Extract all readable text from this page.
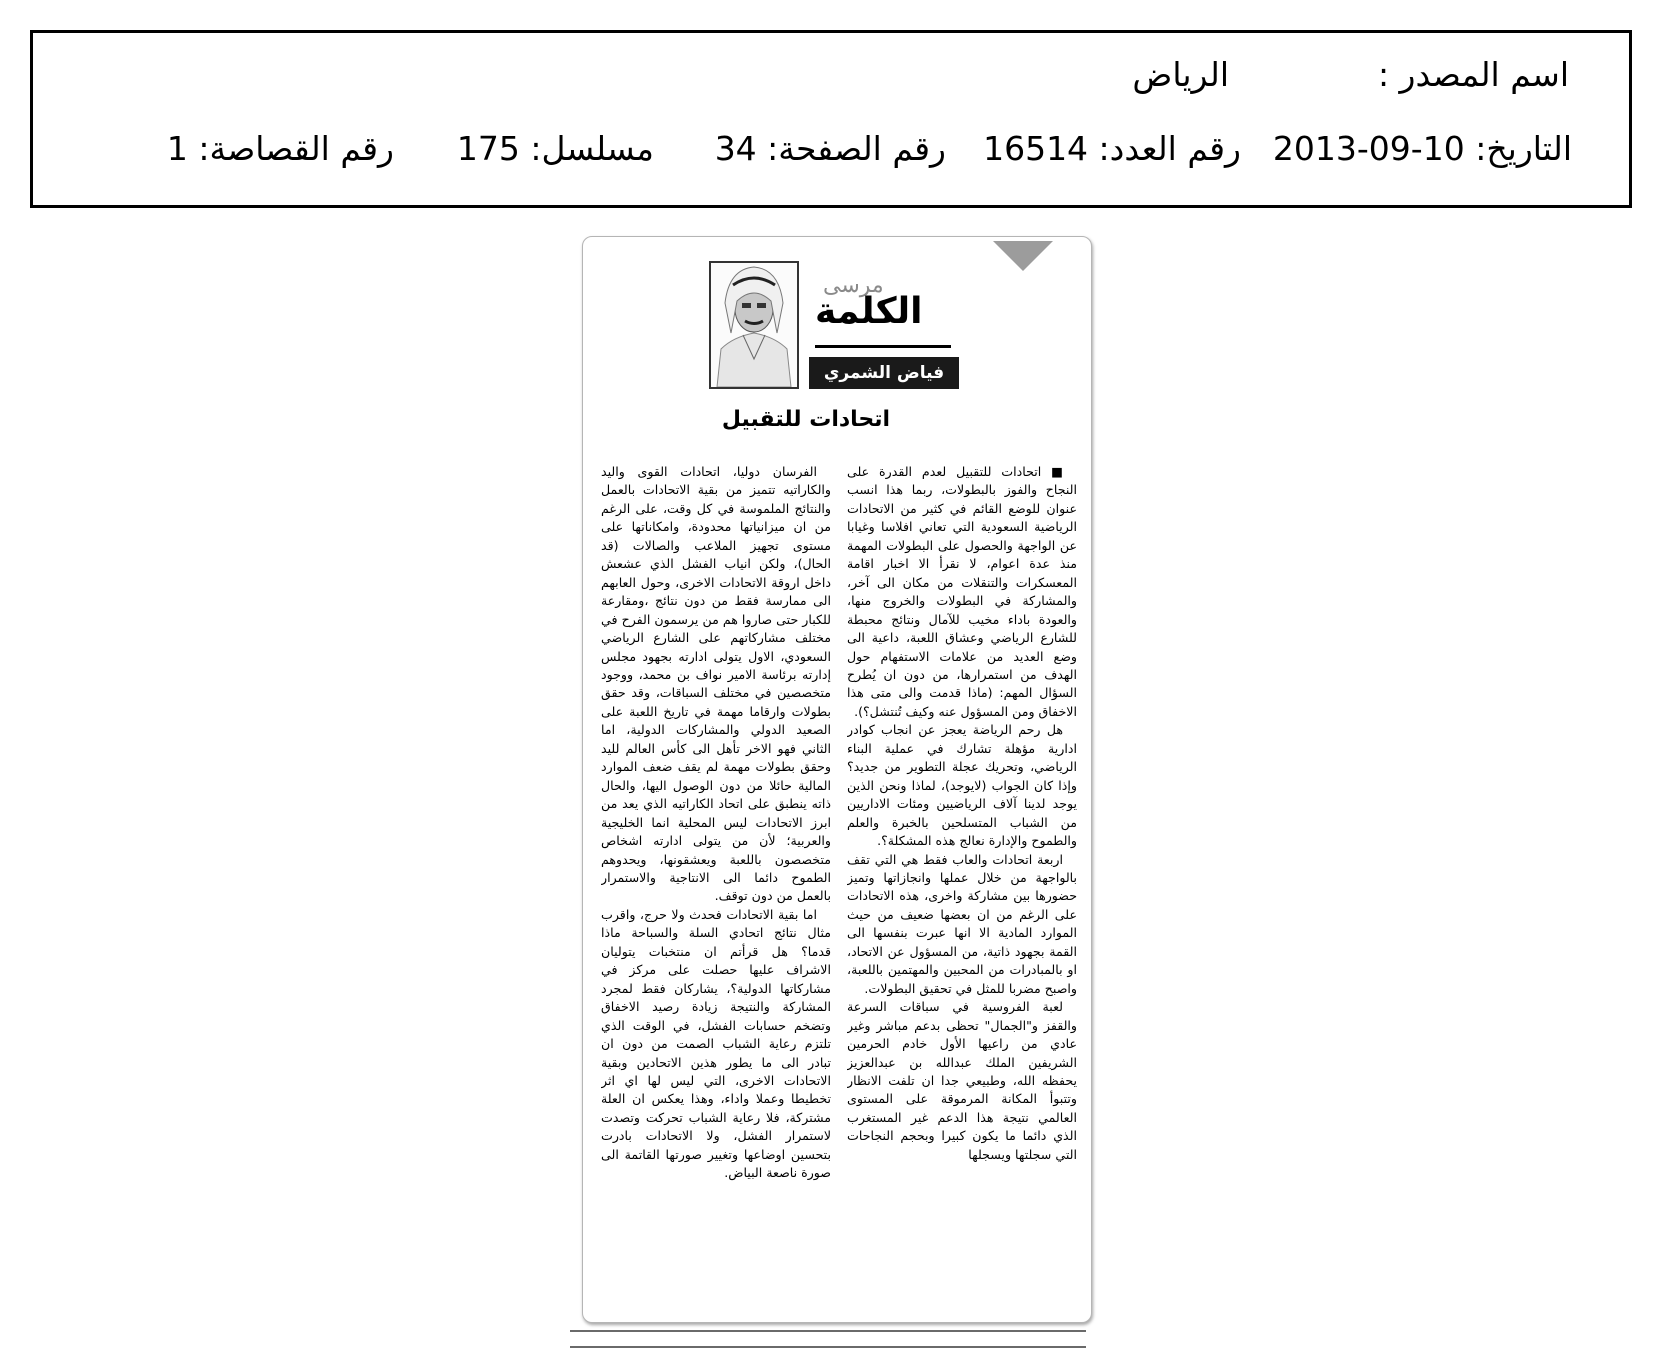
اسم المصدر :
الرياض
التاريخ: 10-09-2013
رقم العدد: 16514
رقم الصفحة: 34
مسلسل: 175
رقم القصاصة: 1
مرسى
الكلمة
فياض الشمري
اتحادات للتقبيل

■ اتحادات للتقبيل لعدم القدرة على النجاح والفوز بالبطولات، ربما هذا انسب عنوان للوضع القائم في كثير من الاتحادات الرياضية السعودية التي تعاني افلاسا وغيابا عن الواجهة والحصول على البطولات المهمة منذ عدة اعوام، لا نقرأ الا اخبار اقامة المعسكرات والتنقلات من مكان الى آخر، والمشاركة في البطولات والخروج منها، والعودة باداء مخيب للآمال ونتائج محبطة للشارع الرياضي وعشاق اللعبة، داعية الى وضع العديد من علامات الاستفهام حول الهدف من استمرارها، من دون ان يُطرح السؤال المهم: (ماذا قدمت والى متى هذا الاخفاق ومن المسؤول عنه وكيف تُنتشل؟).

هل رحم الرياضة يعجز عن انجاب كوادر ادارية مؤهلة تشارك في عملية البناء الرياضي، وتحريك عجلة التطوير من جديد؟ وإذا كان الجواب (لايوجد)، لماذا ونحن الذين يوجد لدينا آلاف الرياضيين ومئات الاداريين من الشباب المتسلحين بالخبرة والعلم والطموح والإدارة نعالج هذه المشكلة؟.

اربعة اتحادات والعاب فقط هي التي تقف بالواجهة من خلال عملها وانجازاتها وتميز حضورها بين مشاركة واخرى، هذه الاتحادات على الرغم من ان بعضها ضعيف من حيث الموارد المادية الا انها عبرت بنفسها الى القمة بجهود ذاتية، من المسؤول عن الاتحاد، او بالمبادرات من المحبين والمهتمين باللعبة، واصبح مضربا للمثل في تحقيق البطولات.

لعبة الفروسية في سباقات السرعة والقفز و"الجمال" تحظى بدعم مباشر وغير عادي من راعيها الأول خادم الحرمين الشريفين الملك عبدالله بن عبدالعزيز يحفظه الله، وطبيعي جدا ان تلفت الانظار وتتبوأ المكانة المرموقة على المستوى العالمي نتيجة هذا الدعم غير المستغرب الذي دائما ما يكون كبيرا وبحجم النجاحات التي سجلتها ويسجلها

الفرسان دوليا، اتحادات القوى واليد والكاراتيه تتميز من بقية الاتحادات بالعمل والنتائج الملموسة في كل وقت، على الرغم من ان ميزانياتها محدودة، وامكاناتها على مستوى تجهيز الملاعب والصالات (قد الحال)، ولكن انياب الفشل الذي عشعش داخل اروقة الاتحادات الاخرى، وحول العابهم الى ممارسة فقط من دون نتائج ،ومقارعة للكبار حتى صاروا هم من يرسمون الفرح في مختلف مشاركاتهم على الشارع الرياضي السعودي، الاول يتولى ادارته بجهود مجلس إدارته برئاسة الامير نواف بن محمد، ووجود متخصصين في مختلف السباقات، وقد حقق بطولات وارقاما مهمة في تاريخ اللعبة على الصعيد الدولي والمشاركات الدولية، اما الثاني فهو الاخر تأهل الى كأس العالم لليد وحقق بطولات مهمة لم يقف ضعف الموارد المالية حائلا من دون الوصول اليها، والحال ذاته ينطبق على اتحاد الكاراتيه الذي يعد من ابرز الاتحادات ليس المحلية انما الخليجية والعربية؛ لأن من يتولى ادارته اشخاص متخصصون باللعبة ويعشقونها، ويحدوهم الطموح دائما الى الانتاجية والاستمرار بالعمل من دون توقف.

اما بقية الاتحادات فحدث ولا حرج، واقرب مثال نتائج اتحادي السلة والسباحة ماذا قدما؟ هل قرأتم ان منتخبات يتوليان الاشراف عليها حصلت على مركز في مشاركاتها الدولية؟، يشاركان فقط لمجرد المشاركة والنتيجة زيادة رصيد الاخفاق وتضخم حسابات الفشل، في الوقت الذي تلتزم رعاية الشباب الصمت من دون ان تبادر الى ما يطور هذين الاتحادين وبقية الاتحادات الاخرى، التي ليس لها اي اثر تخطيطا وعملا واداء، وهذا يعكس ان العلة مشتركة، فلا رعاية الشباب تحركت وتصدت لاستمرار الفشل، ولا الاتحادات بادرت بتحسين اوضاعها وتغيير صورتها القاتمة الى صورة ناصعة البياض.
